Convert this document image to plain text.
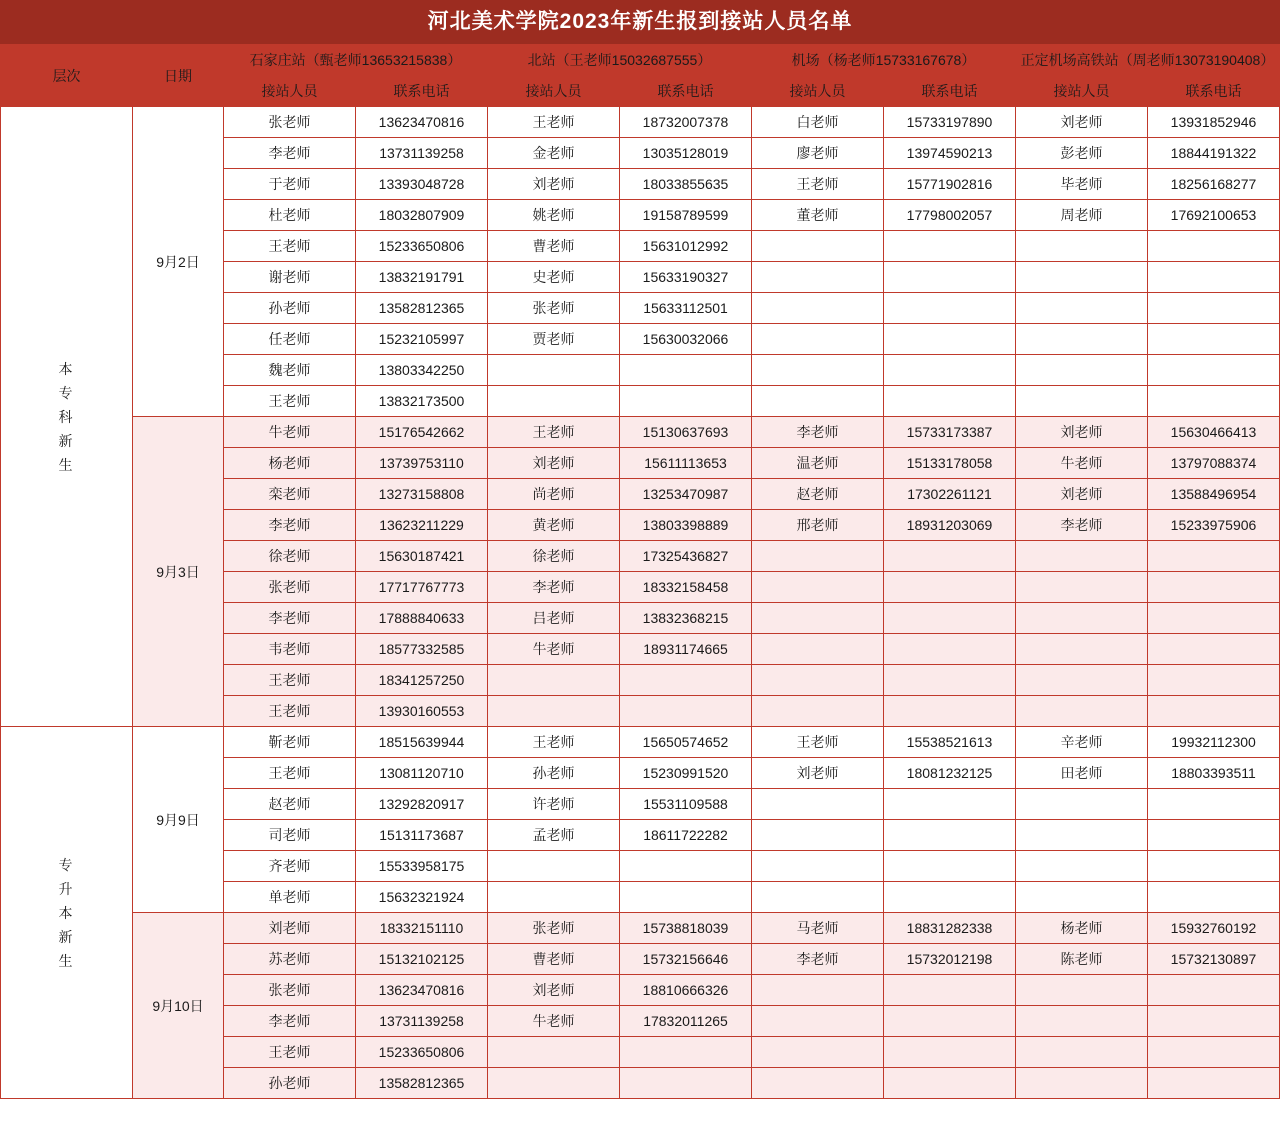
河北美术学院2023年新生报到接站人员名单
层次	日期	石家庄站（甄老师13653215838）		北站（王老师15032687555）		机场（杨老师15733167678）		正定机场高铁站（周老师13073190408）	
		接站人员	联系电话	接站人员	联系电话	接站人员	联系电话	接站人员	联系电话

本
专
科
新
生	9月2日	张老师	13623470816	王老师	18732007378	白老师	15733197890	刘老师	13931852946
		李老师	13731139258	金老师	13035128019	廖老师	13974590213	彭老师	18844191322
		于老师	13393048728	刘老师	18033855635	王老师	15771902816	毕老师	18256168277
		杜老师	18032807909	姚老师	19158789599	董老师	17798002057	周老师	17692100653
		王老师	15233650806	曹老师	15631012992				
		谢老师	13832191791	史老师	15633190327				
		孙老师	13582812365	张老师	15633112501				
		任老师	15232105997	贾老师	15630032066				
		魏老师	13803342250						
		王老师	13832173500						
	9月3日	牛老师	15176542662	王老师	15130637693	李老师	15733173387	刘老师	15630466413
		杨老师	13739753110	刘老师	15611113653	温老师	15133178058	牛老师	13797088374
		栾老师	13273158808	尚老师	13253470987	赵老师	17302261121	刘老师	13588496954
		李老师	13623211229	黄老师	13803398889	邢老师	18931203069	李老师	15233975906
		徐老师	15630187421	徐老师	17325436827				
		张老师	17717767773	李老师	18332158458				
		李老师	17888840633	吕老师	13832368215				
		韦老师	18577332585	牛老师	18931174665				
		王老师	18341257250						
		王老师	13930160553						

专
升
本
新
生	9月9日	靳老师	18515639944	王老师	15650574652	王老师	15538521613	辛老师	19932112300
		王老师	13081120710	孙老师	15230991520	刘老师	18081232125	田老师	18803393511
		赵老师	13292820917	许老师	15531109588				
		司老师	15131173687	孟老师	18611722282				
		齐老师	15533958175						
		单老师	15632321924						
	9月10日	刘老师	18332151110	张老师	15738818039	马老师	18831282338	杨老师	15932760192
		苏老师	15132102125	曹老师	15732156646	李老师	15732012198	陈老师	15732130897
		张老师	13623470816	刘老师	18810666326				
		李老师	13731139258	牛老师	17832011265				
		王老师	15233650806						
		孙老师	13582812365						
